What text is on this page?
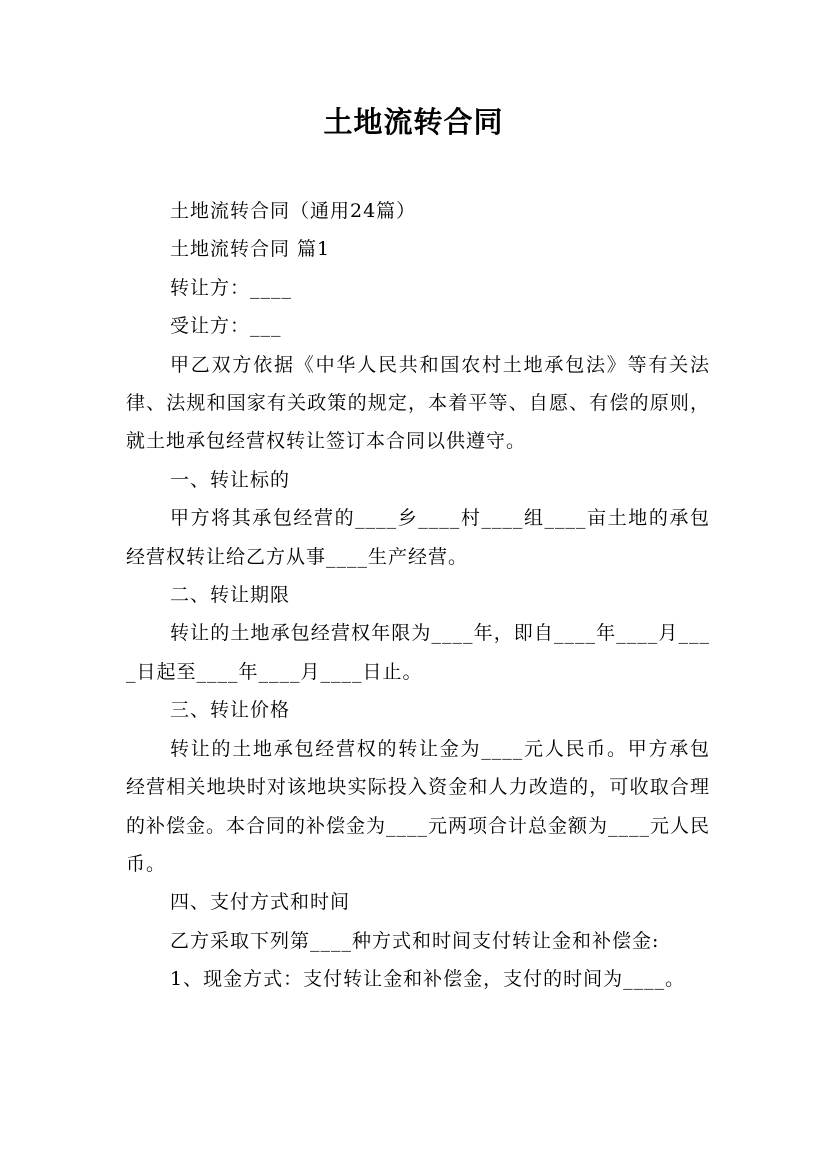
土地流转合同

土地流转合同（通用24篇）

土地流转合同 篇1

转让方：____

受让方：___

甲乙双方依据《中华人民共和国农村土地承包法》等有关法律、法规和国家有关政策的规定，本着平等、自愿、有偿的原则，就土地承包经营权转让签订本合同以供遵守。

一、转让标的

甲方将其承包经营的____乡____村____组____亩土地的承包经营权转让给乙方从事____生产经营。

二、转让期限

转让的土地承包经营权年限为____年，即自____年____月____日起至____年____月____日止。

三、转让价格

转让的土地承包经营权的转让金为____元人民币。甲方承包经营相关地块时对该地块实际投入资金和人力改造的，可收取合理的补偿金。本合同的补偿金为____元两项合计总金额为____元人民币。

四、支付方式和时间

乙方采取下列第____种方式和时间支付转让金和补偿金:

1、现金方式：支付转让金和补偿金，支付的时间为____。
